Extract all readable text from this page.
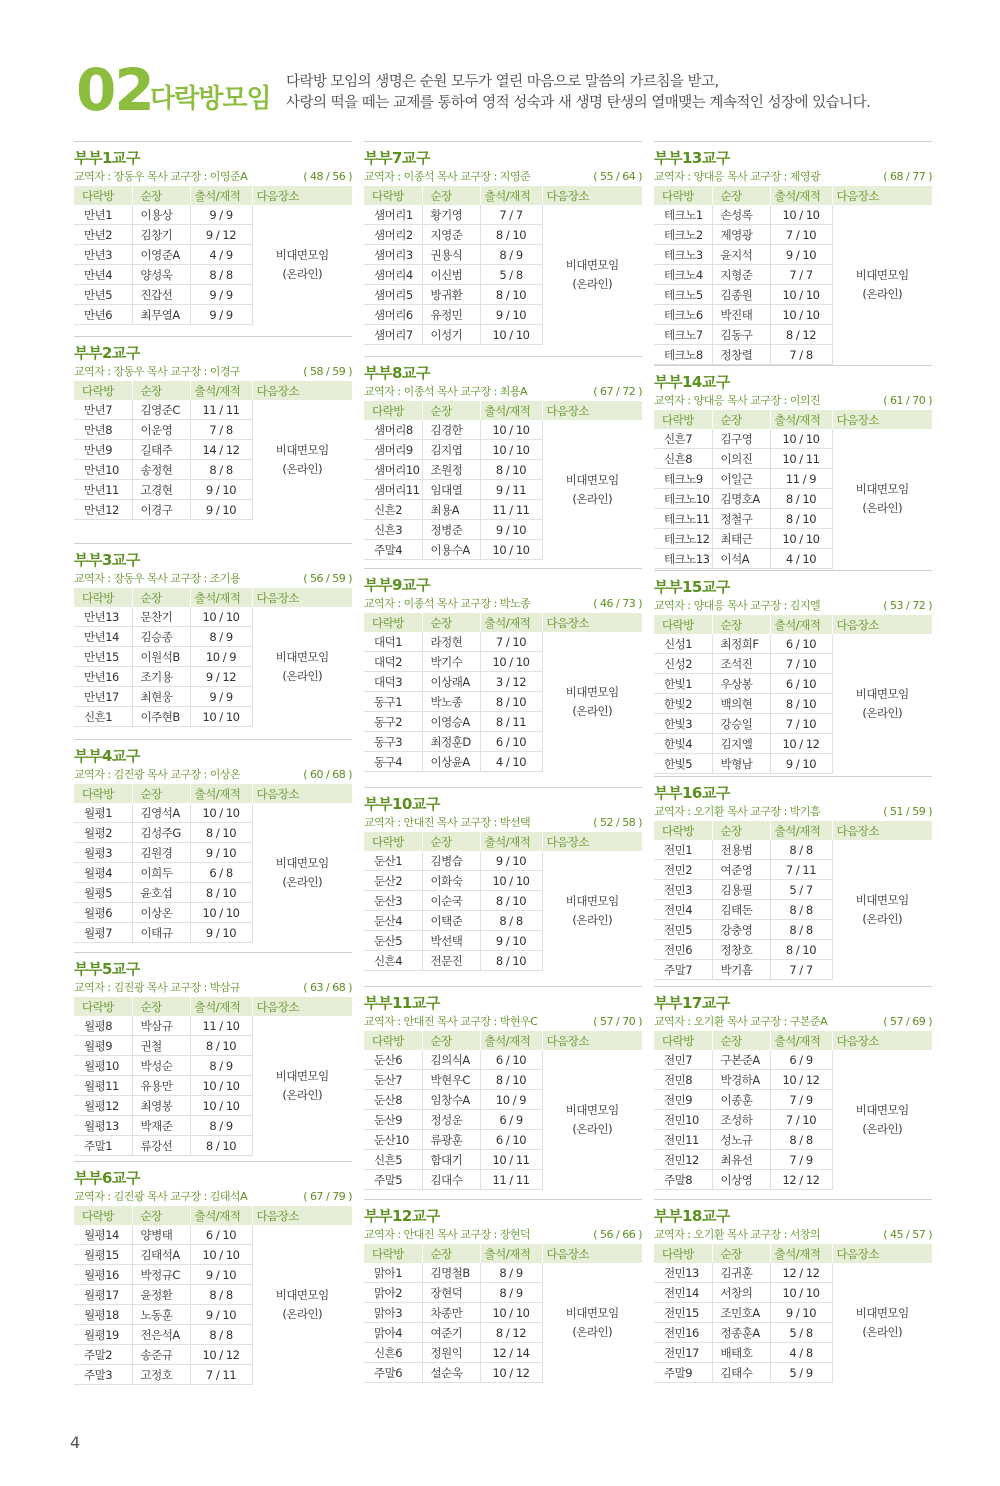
02
다락방모임
다락방 모임의 생명은 순원 모두가 열린 마음으로 말씀의 가르침을 받고,
사랑의 떡을 떼는 교제를 통하여 영적 성숙과 새 생명 탄생의 열매맺는 계속적인 성장에 있습니다.
부부1교구
교역자 : 장동우 목사 교구장 : 이영준A	( 48 / 56 )
다락방	순장	출석/재적	다음장소
만년1	이용상	9 / 9	비대면모임
(온라인)

만년2	김창기	9 / 12	
만년3	이영준A	4 / 9	
만년4	양성욱	8 / 8	
만년5	진갑선	9 / 9	
만년6	최무열A	9 / 9	
부부2교구
교역자 : 장동우 목사 교구장 : 이경구	( 58 / 59 )
다락방	순장	출석/재적	다음장소
만년7	김영준C	11 / 11	비대면모임
(온라인)

만년8	이운영	7 / 8	
만년9	길태주	14 / 12	
만년10	송정현	8 / 8	
만년11	고경현	9 / 10	
만년12	이경구	9 / 10	
부부3교구
교역자 : 장동우 목사 교구장 : 조기용	( 56 / 59 )
다락방	순장	출석/재적	다음장소
만년13	문찬기	10 / 10	비대면모임
(온라인)

만년14	김승종	8 / 9	
만년15	이원석B	10 / 9	
만년16	조기용	9 / 12	
만년17	최현웅	9 / 9	
신흔1	이주현B	10 / 10	
부부4교구
교역자 : 김진광 목사 교구장 : 이상온	( 60 / 68 )
다락방	순장	출석/재적	다음장소
월평1	김영석A	10 / 10	비대면모임
(온라인)

월평2	김성주G	8 / 10	
월평3	김원경	9 / 10	
월평4	이희두	6 / 8	
월평5	윤호섭	8 / 10	
월평6	이상온	10 / 10	
월평7	이태규	9 / 10	
부부5교구
교역자 : 김진광 목사 교구장 : 박삼규	( 63 / 68 )
다락방	순장	출석/재적	다음장소
월평8	박삼규	11 / 10	비대면모임
(온라인)

월평9	권철	8 / 10	
월평10	박성순	8 / 9	
월평11	유용만	10 / 10	
월평12	최영봉	10 / 10	
월평13	박재준	8 / 9	
주말1	류강선	8 / 10	
부부6교구
교역자 : 김진광 목사 교구장 : 김태석A	( 67 / 79 )
다락방	순장	출석/재적	다음장소
월평14	양병태	6 / 10	비대면모임
(온라인)

월평15	김태석A	10 / 10	
월평16	박정규C	9 / 10	
월평17	윤정환	8 / 8	
월평18	노동훈	9 / 10	
월평19	전은석A	8 / 8	
주말2	송준규	10 / 12	
주말3	고정호	7 / 11	
부부7교구
교역자 : 이종석 목사 교구장 : 지영준	( 55 / 64 )
다락방	순장	출석/재적	다음장소
샘머리1	황기영	7 / 7	비대면모임
(온라인)

샘머리2	지영준	8 / 10	
샘머리3	권용식	8 / 9	
샘머리4	이신범	5 / 8	
샘머리5	방귀환	8 / 10	
샘머리6	유정민	9 / 10	
샘머리7	이성기	10 / 10	
부부8교구
교역자 : 이종석 목사 교구장 : 최용A	( 67 / 72 )
다락방	순장	출석/재적	다음장소
샘머리8	김경한	10 / 10	비대면모임
(온라인)

샘머리9	김지엽	10 / 10	
샘머리10	조원정	8 / 10	
샘머리11	임대열	9 / 11	
신흔2	최용A	11 / 11	
신흔3	정병준	9 / 10	
주말4	이용수A	10 / 10	
부부9교구
교역자 : 이종석 목사 교구장 : 박노종	( 46 / 73 )
다락방	순장	출석/재적	다음장소
대덕1	라정현	7 / 10	비대면모임
(온라인)

대덕2	박기수	10 / 10	
대덕3	이상래A	3 / 12	
동구1	박노종	8 / 10	
동구2	이영승A	8 / 11	
동구3	최정훈D	6 / 10	
동구4	이상윤A	4 / 10	
부부10교구
교역자 : 안대진 목사 교구장 : 박선택	( 52 / 58 )
다락방	순장	출석/재적	다음장소
둔산1	김병습	9 / 10	비대면모임
(온라인)

둔산2	이화숙	10 / 10	
둔산3	이순국	8 / 10	
둔산4	이택준	8 / 8	
둔산5	박선택	9 / 10	
신흔4	전문진	8 / 10	
부부11교구
교역자 : 안대진 목사 교구장 : 박현우C	( 57 / 70 )
다락방	순장	출석/재적	다음장소
둔산6	김의식A	6 / 10	비대면모임
(온라인)

둔산7	박현우C	8 / 10	
둔산8	임창수A	10 / 9	
둔산9	정성운	6 / 9	
둔산10	류광훈	6 / 10	
신흔5	함대기	10 / 11	
주말5	김대수	11 / 11	
부부12교구
교역자 : 안대진 목사 교구장 : 장현덕	( 56 / 66 )
다락방	순장	출석/재적	다음장소
맑아1	김명철B	8 / 9	비대면모임
(온라인)

맑아2	장현덕	8 / 9	
맑아3	차종만	10 / 10	
맑아4	여준기	8 / 12	
신흔6	정원익	12 / 14	
주말6	설순욱	10 / 12	
부부13교구
교역자 : 양대응 목사 교구장 : 제영광	( 68 / 77 )
다락방	순장	출석/재적	다음장소
테크노1	손성록	10 / 10	비대면모임
(온라인)

테크노2	제영광	7 / 10	
테크노3	윤지석	9 / 10	
테크노4	지형준	7 / 7	
테크노5	김종원	10 / 10	
테크노6	박진태	10 / 10	
테크노7	김동구	8 / 12	
테크노8	정창렬	7 / 8	
부부14교구
교역자 : 양대응 목사 교구장 : 이의진	( 61 / 70 )
다락방	순장	출석/재적	다음장소
신흔7	김구영	10 / 10	비대면모임
(온라인)

신흔8	이의진	10 / 11	
테크노9	이일근	11 / 9	
테크노10	김명호A	8 / 10	
테크노11	정철구	8 / 10	
테크노12	최태근	10 / 10	
테크노13	이석A	4 / 10	
부부15교구
교역자 : 양대응 목사 교구장 : 김지엘	( 53 / 72 )
다락방	순장	출석/재적	다음장소
신성1	최정희F	6 / 10	비대면모임
(온라인)

신성2	조석진	7 / 10	
한빛1	우상봉	6 / 10	
한빛2	백의현	8 / 10	
한빛3	강승일	7 / 10	
한빛4	김지엘	10 / 12	
한빛5	박형남	9 / 10	
부부16교구
교역자 : 오기환 목사 교구장 : 박기흠	( 51 / 59 )
다락방	순장	출석/재적	다음장소
전민1	전용범	8 / 8	비대면모임
(온라인)

전민2	여준영	7 / 11	
전민3	김용필	5 / 7	
전민4	김태돈	8 / 8	
전민5	강충영	8 / 8	
전민6	정창호	8 / 10	
주말7	박기흠	7 / 7	
부부17교구
교역자 : 오기환 목사 교구장 : 구본준A	( 57 / 69 )
다락방	순장	출석/재적	다음장소
전민7	구본준A	6 / 9	비대면모임
(온라인)

전민8	박경하A	10 / 12	
전민9	이종훈	7 / 9	
전민10	조성하	7 / 10	
전민11	성노규	8 / 8	
전민12	최유선	7 / 9	
주말8	이상영	12 / 12	
부부18교구
교역자 : 오기환 목사 교구장 : 서창의	( 45 / 57 )
다락방	순장	출석/재적	다음장소
전민13	김귀훈	12 / 12	비대면모임
(온라인)

전민14	서창의	10 / 10	
전민15	조민호A	9 / 10	
전민16	정종훈A	5 / 8	
전민17	배태호	4 / 8	
주말9	김태수	5 / 9	
4
